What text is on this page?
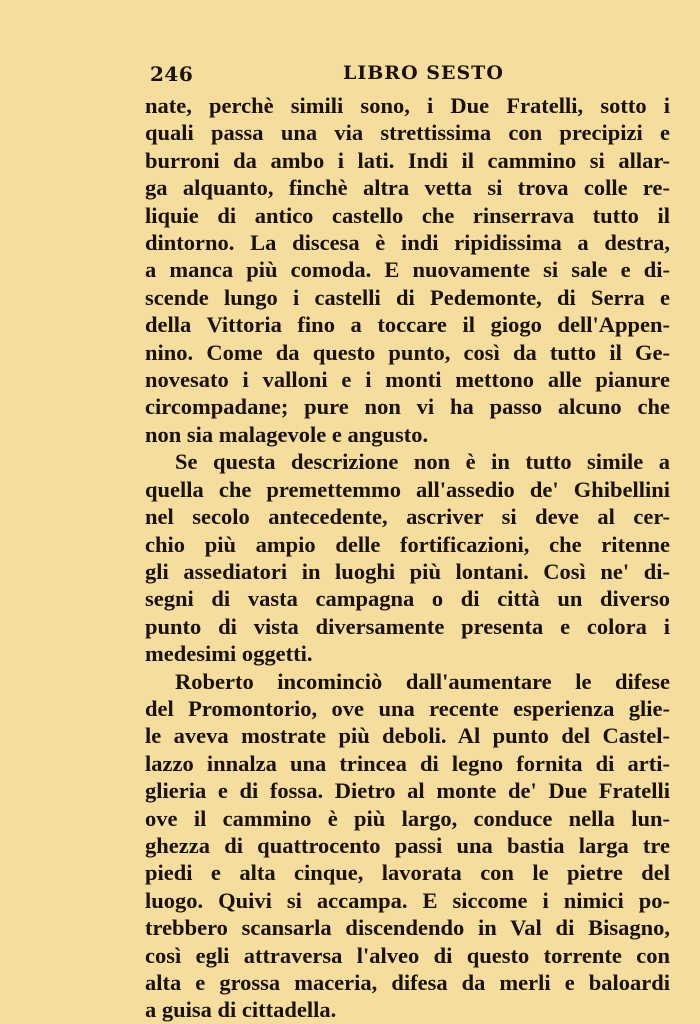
246	LIBRO SESTO
nate, perchè simili sono, i Due Fratelli, sotto i
quali passa una via strettissima con precipizi e
burroni da ambo i lati. Indi il cammino si allar-
ga alquanto, finchè altra vetta si trova colle re-
liquie di antico castello che rinserrava tutto il
dintorno. La discesa è indi ripidissima a destra,
a manca più comoda. E nuovamente si sale e di-
scende lungo i castelli di Pedemonte, di Serra e
della Vittoria fino a toccare il giogo dell'Appen-
nino. Come da questo punto, così da tutto il Ge-
novesato i valloni e i monti mettono alle pianure
circompadane; pure non vi ha passo alcuno che
non sia malagevole e angusto.
Se questa descrizione non è in tutto simile a
quella che premettemmo all'assedio de' Ghibellini
nel secolo antecedente, ascriver si deve al cer-
chio più ampio delle fortificazioni, che ritenne
gli assediatori in luoghi più lontani. Così ne' di-
segni di vasta campagna o di città un diverso
punto di vista diversamente presenta e colora i
medesimi oggetti.
Roberto incominciò dall'aumentare le difese
del Promontorio, ove una recente esperienza glie-
le aveva mostrate più deboli. Al punto del Castel-
lazzo innalza una trincea di legno fornita di arti-
glieria e di fossa. Dietro al monte de' Due Fratelli
ove il cammino è più largo, conduce nella lun-
ghezza di quattrocento passi una bastia larga tre
piedi e alta cinque, lavorata con le pietre del
luogo. Quivi si accampa. E siccome i nimici po-
trebbero scansarla discendendo in Val di Bisagno,
così egli attraversa l'alveo di questo torrente con
alta e grossa maceria, difesa da merli e baloardi
a guisa di cittadella.
